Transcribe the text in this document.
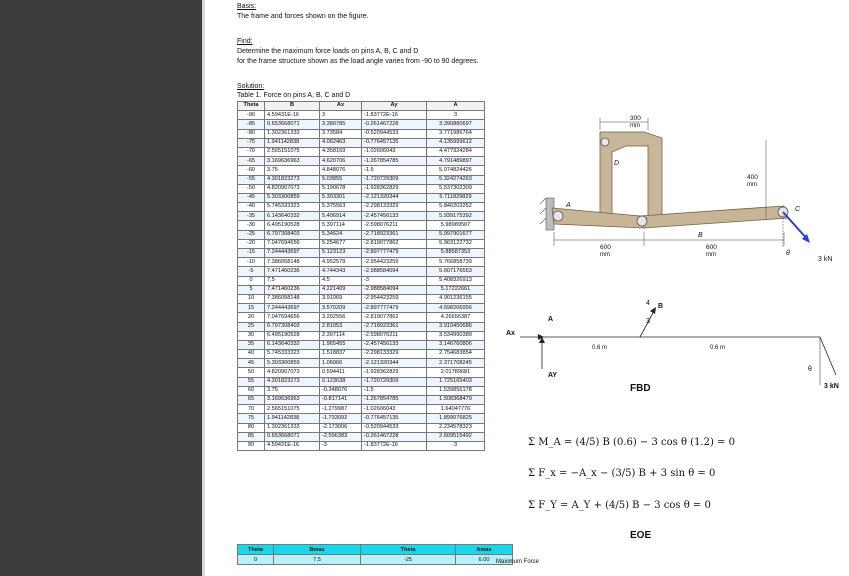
Basis:
The frame and forces shown on the figure.
Find:
Determine the maximum force loads on pins A, B, C and D
for the frame structure shown as the load angle varies from -90 to 90 degrees.
Solution:
Table 1. Force on pins A, B, C and D
Theta	B	Ax	Ay	A
-90	4.59431E-16	3	-1.83772E-16	3
-85	0.653668071	3.380785	-0.261467228	3.390880697
-80	1.302361333	3.73584	-0.520944533	3.771986764
-75	1.941142838	4.062463	-0.776457135	4.135999612
-70	2.565151075	4.358169	-1.02606043	4.477324284
-65	3.169636963	4.620706	-1.267854785	4.791489897
-60	3.75	4.848076	-1.5	5.074824426
-55	4.301823273	5.03855	-1.720729309	5.324274263
-50	4.820907073	5.190678	-1.928362829	5.537302309
-45	5.303300859	5.303301	-2.121320344	5.711829829
-40	5.745333323	5.375563	-2.298133329	5.846203252
-35	6.143640332	5.406914	-2.457456133	5.939175392
-30	6.495190528	5.397114	-2.598076211	5.98989507
-25	6.797308403	5.34624	-2.718923361	5.997901677
-20	7.047694656	5.254677	-2.819077862	5.963122732
-15	7.244443697	5.123123	-2.897777479	5.88587353
-10	7.386058148	4.952579	-2.954423259	5.766858739
-5	7.471460236	4.744343	-2.988584094	5.607176553
0	7.5	4.5	-3	5.408326913
5	7.471460236	4.221409	-2.988584094	5.17222661
10	7.386058148	3.91069	-2.954423259	4.901236155
15	7.244443697	3.570209	-2.897777479	4.598206956
20	7.047694656	3.202556	-2.819077862	4.26656387
25	6.797308403	2.81053	-2.718923361	3.910450686
30	6.495190528	2.397114	-2.598076211	3.534990389
35	6.143640332	1.965455	-2.457456133	3.146760806
40	5.745333323	1.518837	-2.298133329	2.754683854
45	5.303300859	1.06066	-2.121320344	2.371708245
50	4.820907073	0.594411	-1.928362829	2.01789681
55	4.301823273	0.123638	-1.720729309	1.725165403
60	3.75	-0.348076	-1.5	1.539856178
65	3.169636963	-0.817141	-1.267854785	1.508368479
70	2.565151075	-1.279987	-1.02606043	1.64047776
75	1.941142838	-1.733092	-0.776457135	1.899076825
80	1.302361333	-2.173006	-0.520944533	2.234578323
85	0.653668071	-2.596383	-0.261467228	2.609515492
90	4.59431E-16	-3	-1.83772E-16	3
Theta	Bmax	Theta	Amax
0	7.5	-25	6.00 Maximum Force
300
mm
400
mm
600
mm
600
mm
A
B
C
D
θ
3 kN
A
Ax
AY
B
4
3
0.6 m	0.6 m
θ
3 kN
FBD
Σ M_A = (4/5) B (0.6) − 3 cos θ (1.2) = 0
Σ F_x = −A_x − (3/5) B + 3 sin θ = 0
Σ F_Y = A_Y + (4/5) B − 3 cos θ = 0
EOE
